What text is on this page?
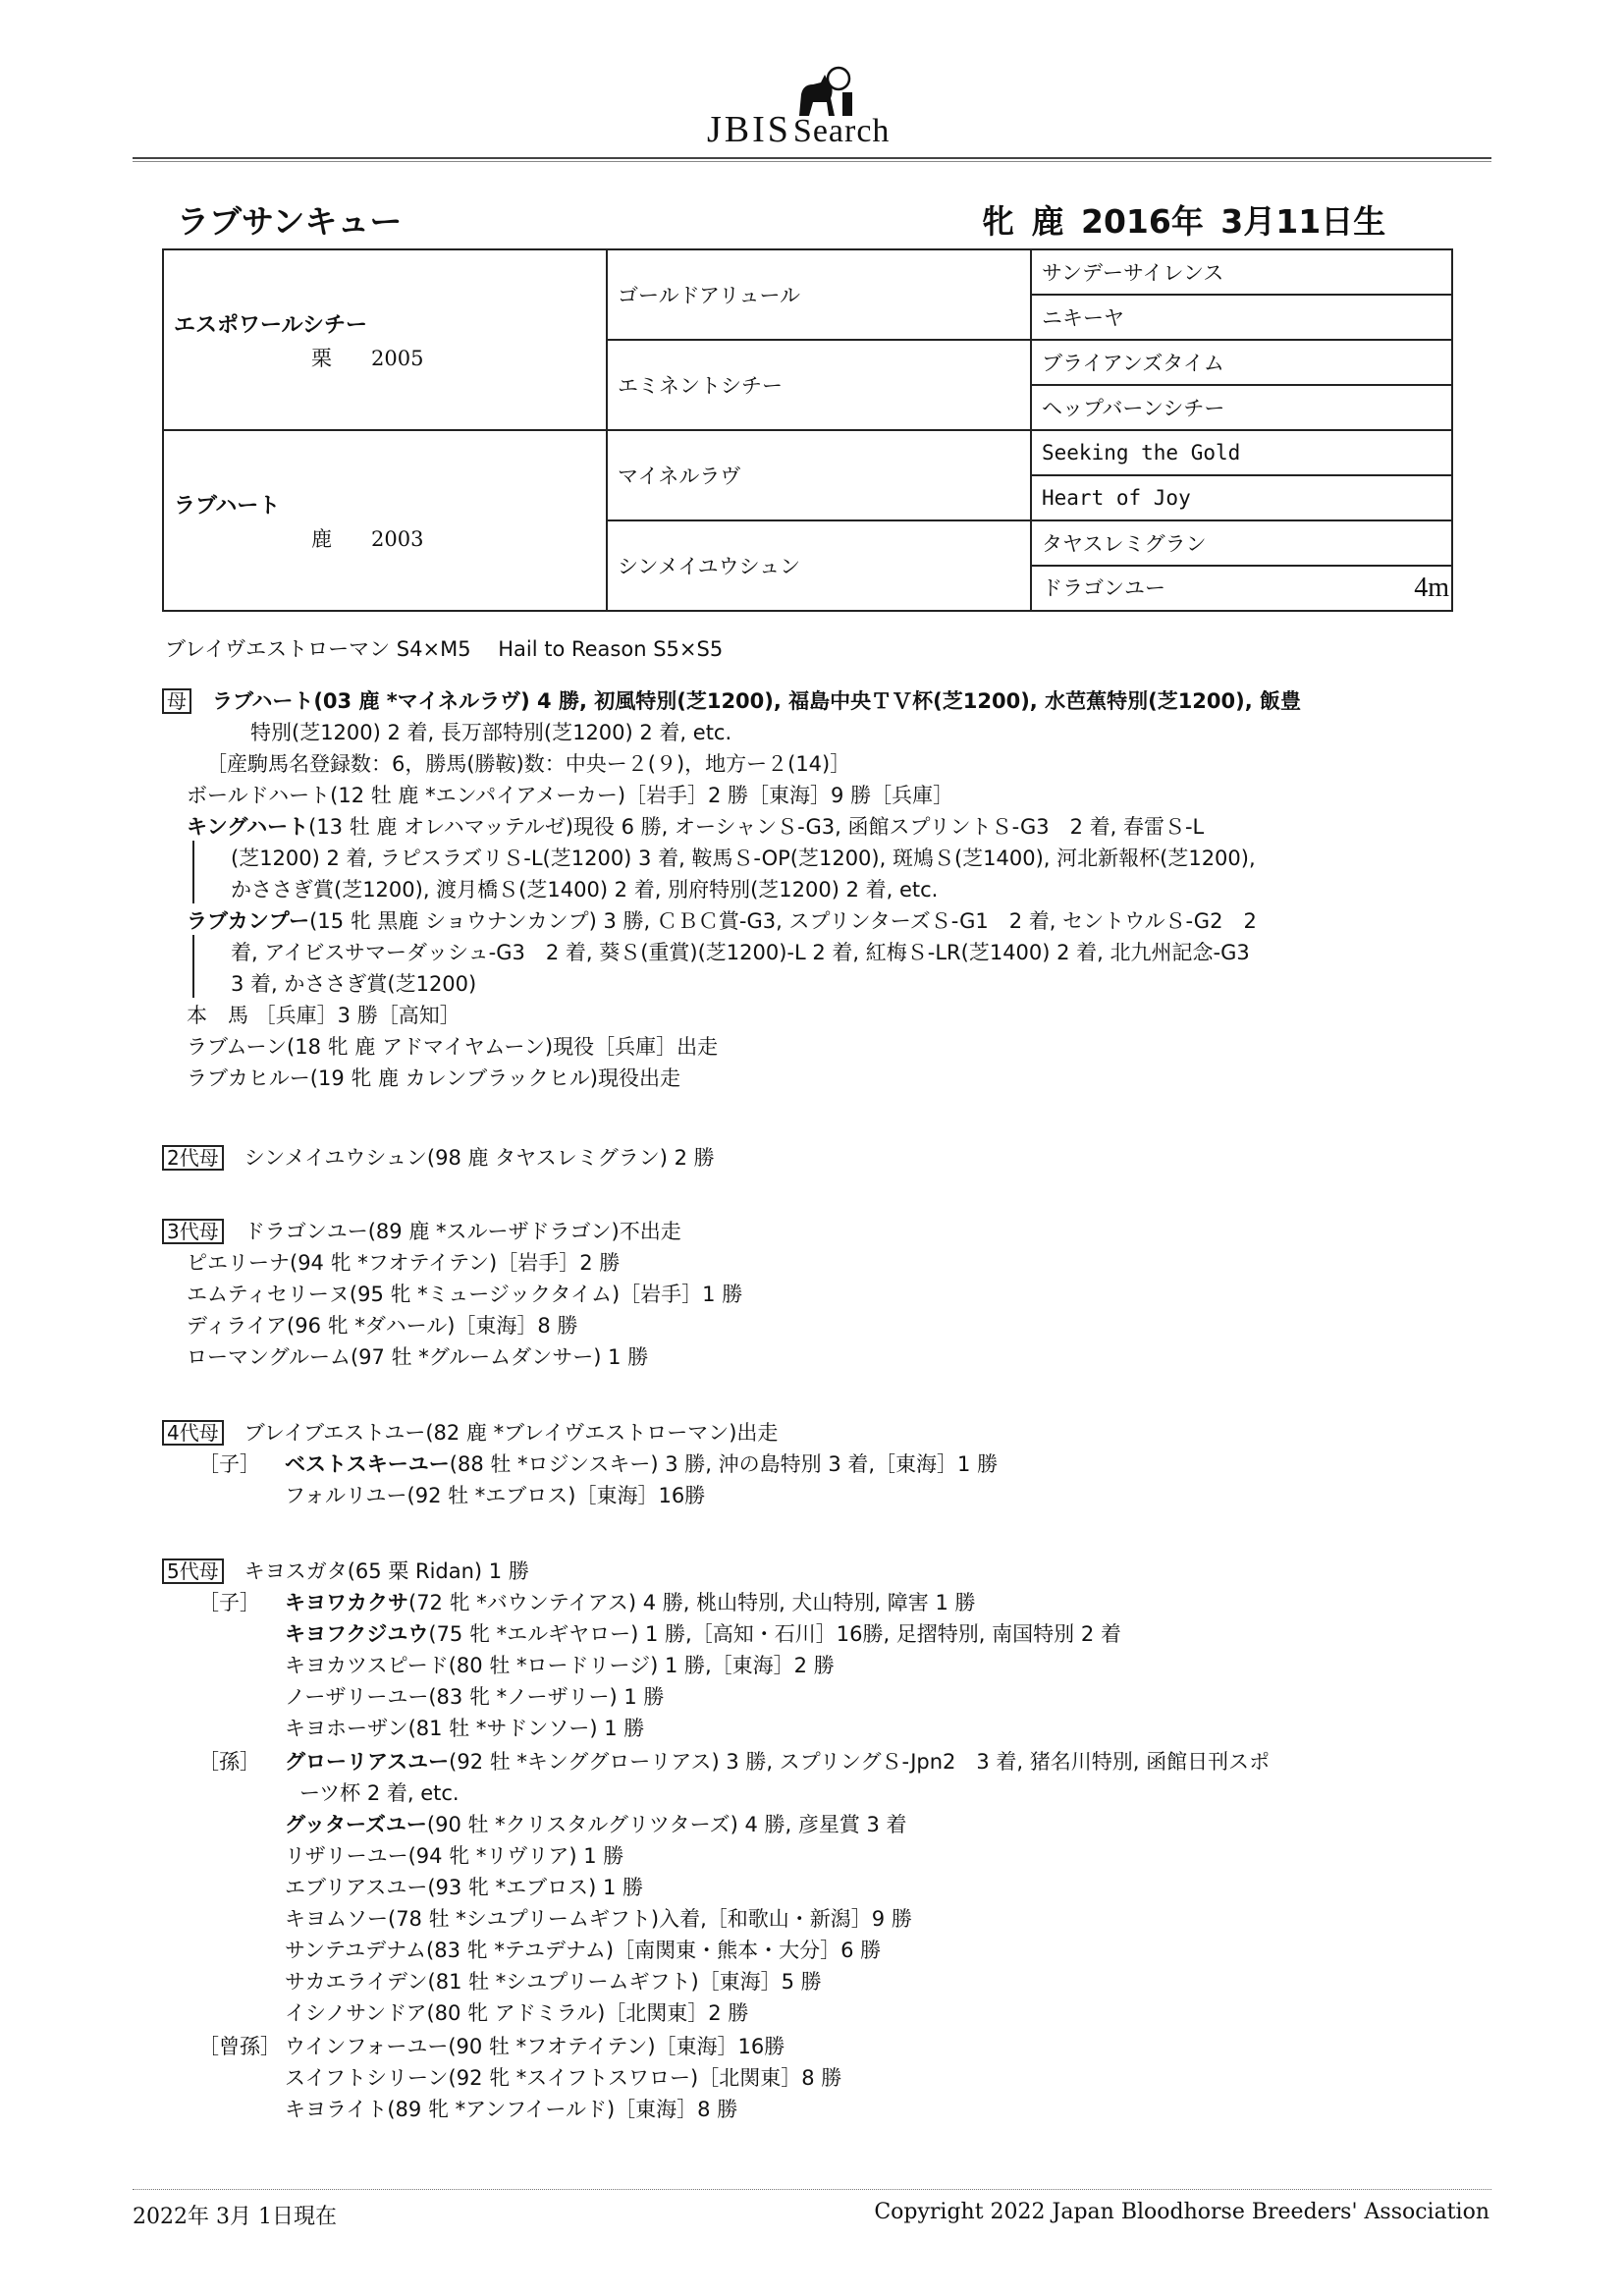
JBISSearch
ラブサンキュー	牝 鹿 2016年 3月11日生
エスポワールシチー
栗 2005	ゴールドアリュール	サンデーサイレンス
		ニキーヤ
	エミネントシチー	ブライアンズタイム
		ヘップバーンシチー

ラブハート
鹿 2003	マイネルラヴ	Seeking the Gold
		Heart of Joy
	シンメイユウシュン	タヤスレミグラン
		ドラゴンユー 4m
ブレイヴエストローマン S4×M5　 Hail to Reason S5×S5
母　 ラブハート(03 鹿 *マイネルラヴ) 4 勝, 初風特別(芝1200), 福島中央ＴＶ杯(芝1200), 水芭蕉特別(芝1200), 飯豊
特別(芝1200) 2 着, 長万部特別(芝1200) 2 着, etc.
［産駒馬名登録数：6，勝馬(勝鞍)数：中央ー２(９)，地方ー２(14)］
ボールドハート(12 牡 鹿 *エンパイアメーカー)［岩手］2 勝［東海］9 勝［兵庫］
キングハート(13 牡 鹿 オレハマッテルゼ)現役 6 勝, オーシャンＳ-G3, 函館スプリントＳ-G3　2 着, 春雷Ｓ-L
(芝1200) 2 着, ラピスラズリＳ-L(芝1200) 3 着, 鞍馬Ｓ-OP(芝1200), 斑鳩Ｓ(芝1400), 河北新報杯(芝1200),
かささぎ賞(芝1200), 渡月橋Ｓ(芝1400) 2 着, 別府特別(芝1200) 2 着, etc.
ラブカンプー(15 牝 黒鹿 ショウナンカンプ) 3 勝, ＣＢＣ賞-G3, スプリンターズＳ-G1　2 着, セントウルＳ-G2　2
着, アイビスサマーダッシュ-G3　2 着, 葵Ｓ(重賞)(芝1200)-L 2 着, 紅梅Ｓ-LR(芝1400) 2 着, 北九州記念-G3
3 着, かささぎ賞(芝1200)
本　馬 ［兵庫］3 勝［高知］
ラブムーン(18 牝 鹿 アドマイヤムーン)現役［兵庫］出走
ラブカヒルー(19 牝 鹿 カレンブラックヒル)現役出走
2代母　 シンメイユウシュン(98 鹿 タヤスレミグラン) 2 勝
3代母　 ドラゴンユー(89 鹿 *スルーザドラゴン)不出走
ピエリーナ(94 牝 *フオテイテン)［岩手］2 勝
エムティセリーヌ(95 牝 *ミュージックタイム)［岩手］1 勝
ディライア(96 牝 *ダハール)［東海］8 勝
ローマングルーム(97 牡 *グルームダンサー) 1 勝
4代母　 ブレイブエストユー(82 鹿 *ブレイヴエストローマン)出走
［子］ ベストスキーユー(88 牡 *ロジンスキー) 3 勝, 沖の島特別 3 着,［東海］1 勝
フォルリユー(92 牡 *エブロス)［東海］16勝
5代母　 キヨスガタ(65 栗 Ridan) 1 勝
［子］ キヨワカクサ(72 牝 *バウンテイアス) 4 勝, 桃山特別, 犬山特別, 障害 1 勝
キヨフクジユウ(75 牝 *エルギヤロー) 1 勝,［高知・石川］16勝, 足摺特別, 南国特別 2 着
キヨカツスピード(80 牡 *ロードリージ) 1 勝,［東海］2 勝
ノーザリーユー(83 牝 *ノーザリー) 1 勝
キヨホーザン(81 牡 *サドンソー) 1 勝
［孫］ グローリアスユー(92 牡 *キンググローリアス) 3 勝, スプリングＳ-Jpn2　3 着, 猪名川特別, 函館日刊スポ
ーツ杯 2 着, etc.
グッターズユー(90 牡 *クリスタルグリツターズ) 4 勝, 彦星賞 3 着
リザリーユー(94 牝 *リヴリア) 1 勝
エブリアスユー(93 牝 *エブロス) 1 勝
キヨムソー(78 牡 *シユプリームギフト)入着,［和歌山・新潟］9 勝
サンテユデナム(83 牝 *テユデナム)［南関東・熊本・大分］6 勝
サカエライデン(81 牡 *シユプリームギフト)［東海］5 勝
イシノサンドア(80 牝 アドミラル)［北関東］2 勝
［曾孫］ ウインフォーユー(90 牡 *フオテイテン)［東海］16勝
スイフトシリーン(92 牝 *スイフトスワロー)［北関東］8 勝
キヨライト(89 牝 *アンフイールド)［東海］8 勝
2022年 3月 1日現在	Copyright 2022 Japan Bloodhorse Breeders' Association
